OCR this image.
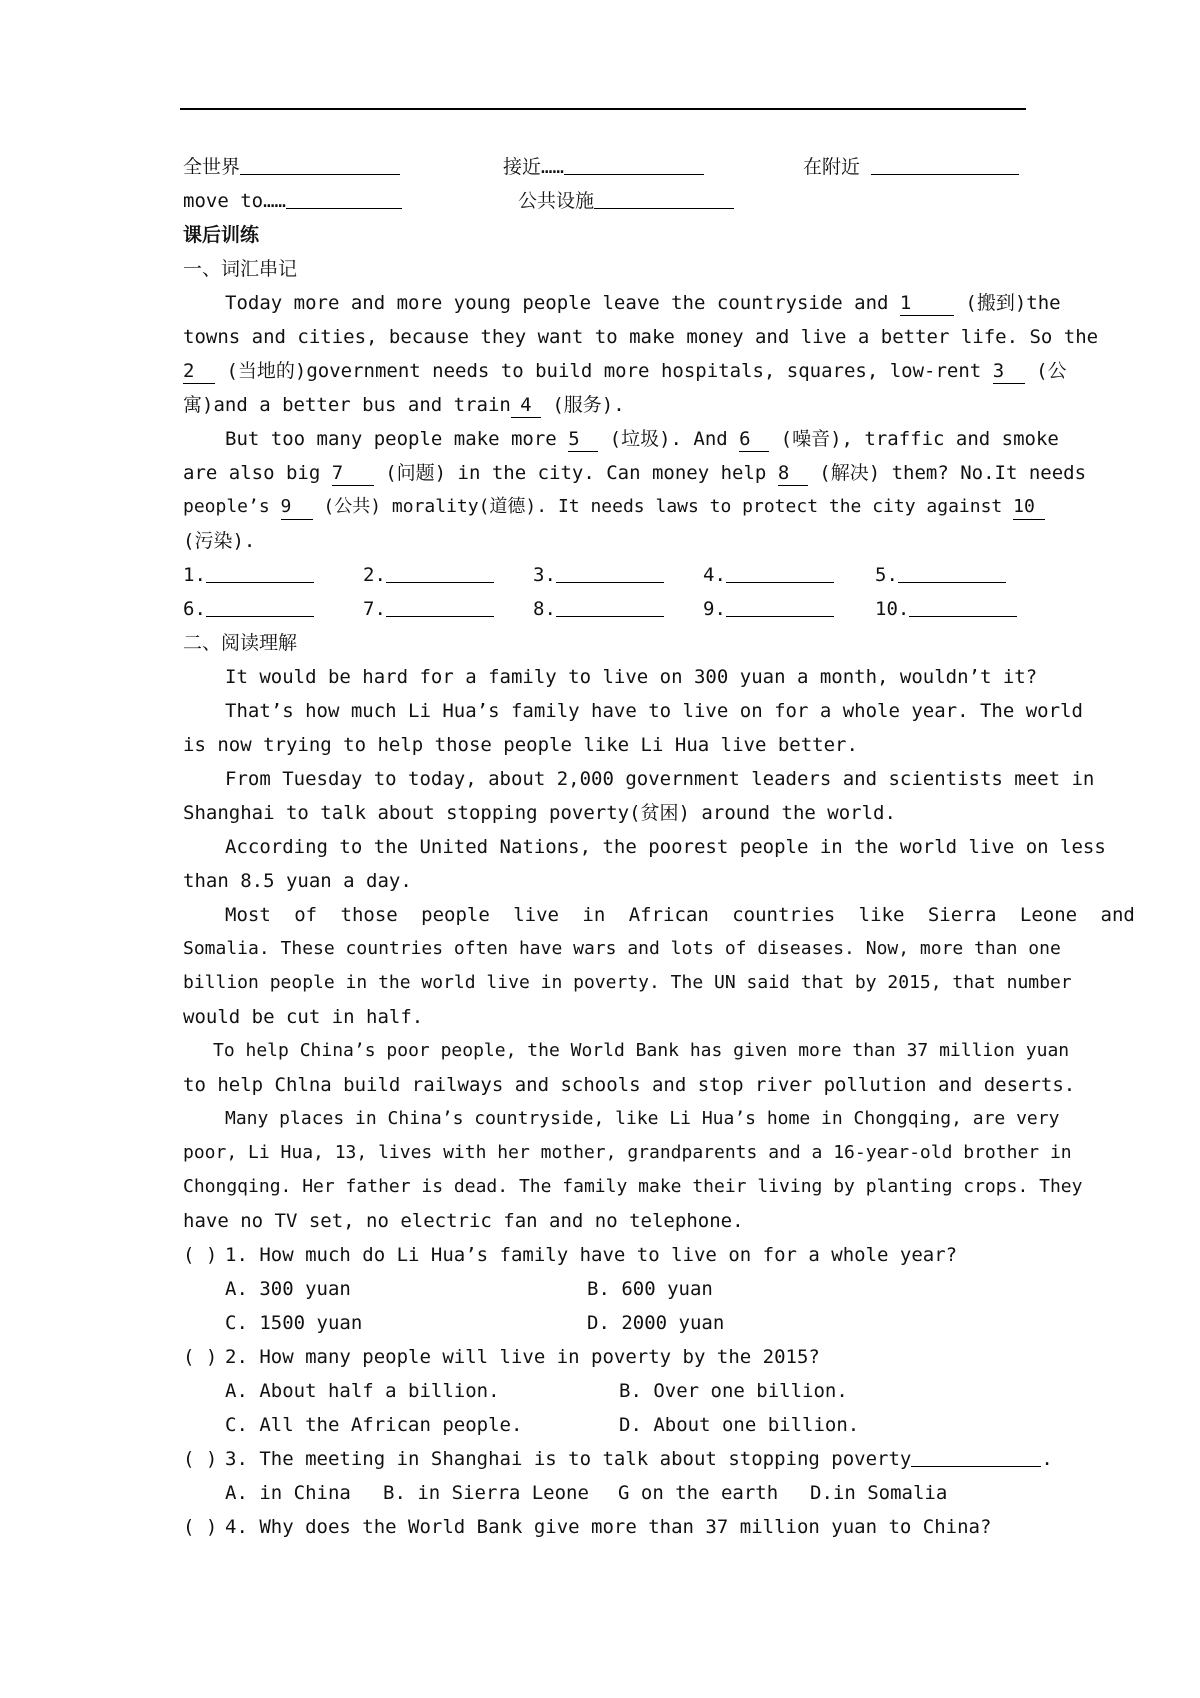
全世界	接近……	在附近
move to……	公共设施
课后训练
一、词汇串记
Today more and more young people leave the countryside and 1	(搬到)the
towns and cities, because they want to make money and live a better life. So the
2 (当地的)government needs to build more hospitals, squares, low-rent 3 (公
寓)and a better bus and train 4 (服务).
But too many people make more 5 (垃圾). And 6 (噪音), traffic and smoke
are also big 7 (问题) in the city. Can money help 8 (解决) them? No.It needs
people’s 9 (公共) morality(道德). It needs laws to protect the city against 10
(污染).
1.	2.	3.	4.	5.
6.	7.	8.	9.	10.
二、阅读理解
It would be hard for a family to live on 300 yuan a month, wouldn’t it?
That’s how much Li Hua’s family have to live on for a whole year. The world
is now trying to help those people like Li Hua live better.
From Tuesday to today, about 2,000 government leaders and scientists meet in
Shanghai to talk about stopping poverty(贫困) around the world.
According to the United Nations, the poorest people in the world live on less
than 8.5 yuan a day.
Most of those people live in African countries like Sierra Leone and
Somalia. These countries often have wars and lots of diseases. Now, more than one
billion people in the world live in poverty. The UN said that by 2015, that number
would be cut in half.
To help China’s poor people, the World Bank has given more than 37 million yuan
to help Chlna build railways and schools and stop river pollution and deserts.
Many places in China’s countryside, like Li Hua’s home in Chongqing, are very
poor, Li Hua, 13, lives with her mother, grandparents and a 16-year-old brother in
Chongqing. Her father is dead. The family make their living by planting crops. They
have no TV set, no electric fan and no telephone.
( ) 1. How much do Li Hua’s family have to live on for a whole year?
A. 300 yuan	B. 600 yuan
C. 1500 yuan	D. 2000 yuan
( ) 2. How many people will live in poverty by the 2015?
A. About half a billion.	B. Over one billion.
C. All the African people.	D. About one billion.
( ) 3. The meeting in Shanghai is to talk about stopping poverty	.
A. in China B. in Sierra Leone G on the earth D.in Somalia
( ) 4. Why does the World Bank give more than 37 million yuan to China?
